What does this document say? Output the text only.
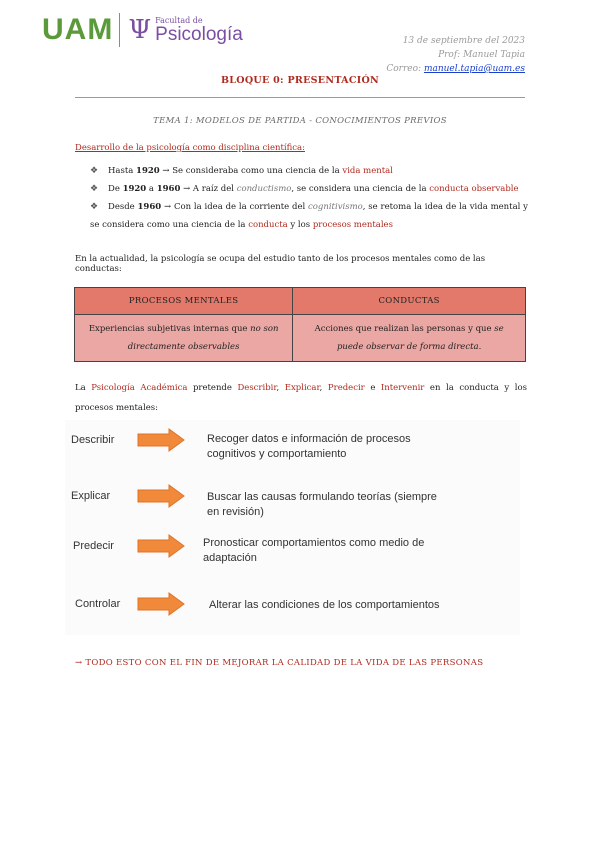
UAM Ψ Facultad de
Psicología	13 de septiembre del 2023
Prof: Manuel Tapia
Correo: manuel.tapia@uam.es
BLOQUE 0: PRESENTACIÓN
TEMA 1: MODELOS DE PARTIDA - CONOCIMIENTOS PREVIOS
Desarrollo de la psicología como disciplina científica:
❖ Hasta 1920 → Se consideraba como una ciencia de la vida mental
❖ De 1920 a 1960 → A raíz del conductismo, se considera una ciencia de la conducta observable
❖ Desde 1960 → Con la idea de la corriente del cognitivismo, se retoma la idea de la vida mental y se considera como una ciencia de la conducta y los procesos mentales
En la actualidad, la psicología se ocupa del estudio tanto de los procesos mentales como de las conductas:
PROCESOS MENTALES	CONDUCTAS
Experiencias subjetivas internas que no son directamente observables	Acciones que realizan las personas y que se puede observar de forma directa.
La Psicología Académica pretende Describir, Explicar, Predecir e Intervenir en la conducta y los procesos mentales:
Describir	Recoger datos e información de procesos cognitivos y comportamiento
Explicar	Buscar las causas formulando teorías (siempre en revisión)
Predecir	Pronosticar comportamientos como medio de adaptación
Controlar	Alterar las condiciones de los comportamientos
→ TODO ESTO CON EL FIN DE MEJORAR LA CALIDAD DE LA VIDA DE LAS PERSONAS
